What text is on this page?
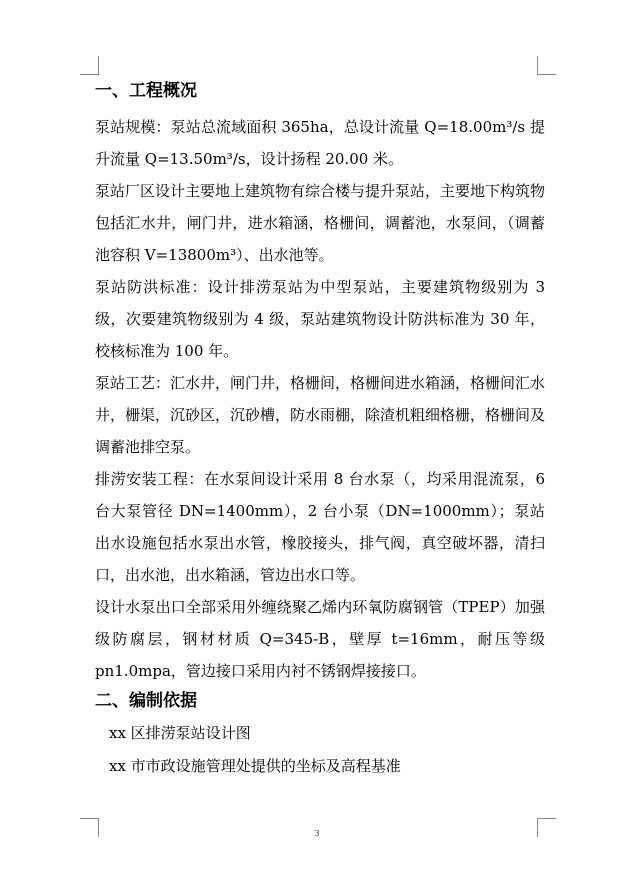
一、工程概况

泵站规模：泵站总流域面积 365ha，总设计流量 Q=18.00m³/s 提升流量 Q=13.50m³/s，设计扬程 20.00 米。

泵站厂区设计主要地上建筑物有综合楼与提升泵站，主要地下构筑物包括汇水井，闸门井，进水箱涵，格栅间，调蓄池，水泵间，（调蓄池容积 V=13800m³）、出水池等。

泵站防洪标准：设计排涝泵站为中型泵站，主要建筑物级别为 3 级，次要建筑物级别为 4 级，泵站建筑物设计防洪标准为 30 年，校核标准为 100 年。

泵站工艺：汇水井，闸门井，格栅间，格栅间进水箱涵，格栅间汇水井，栅渠，沉砂区，沉砂槽，防水雨棚，除渣机粗细格栅，格栅间及调蓄池排空泵。

排涝安装工程：在水泵间设计采用 8 台水泵（，均采用混流泵，6 台大泵管径 DN=1400mm），2 台小泵（DN=1000mm）；泵站出水设施包括水泵出水管，橡胶接头，排气阀，真空破坏器，清扫口，出水池，出水箱涵，管边出水口等。

设计水泵出口全部采用外缠绕聚乙烯内环氧防腐钢管（TPEP）加强级防腐层，钢材材质 Q=345-B，壁厚 t=16mm，耐压等级 pn1.0mpa，管边接口采用内衬不锈钢焊接接口。

二、编制依据

xx 区排涝泵站设计图

xx 市市政设施管理处提供的坐标及高程基准

3
